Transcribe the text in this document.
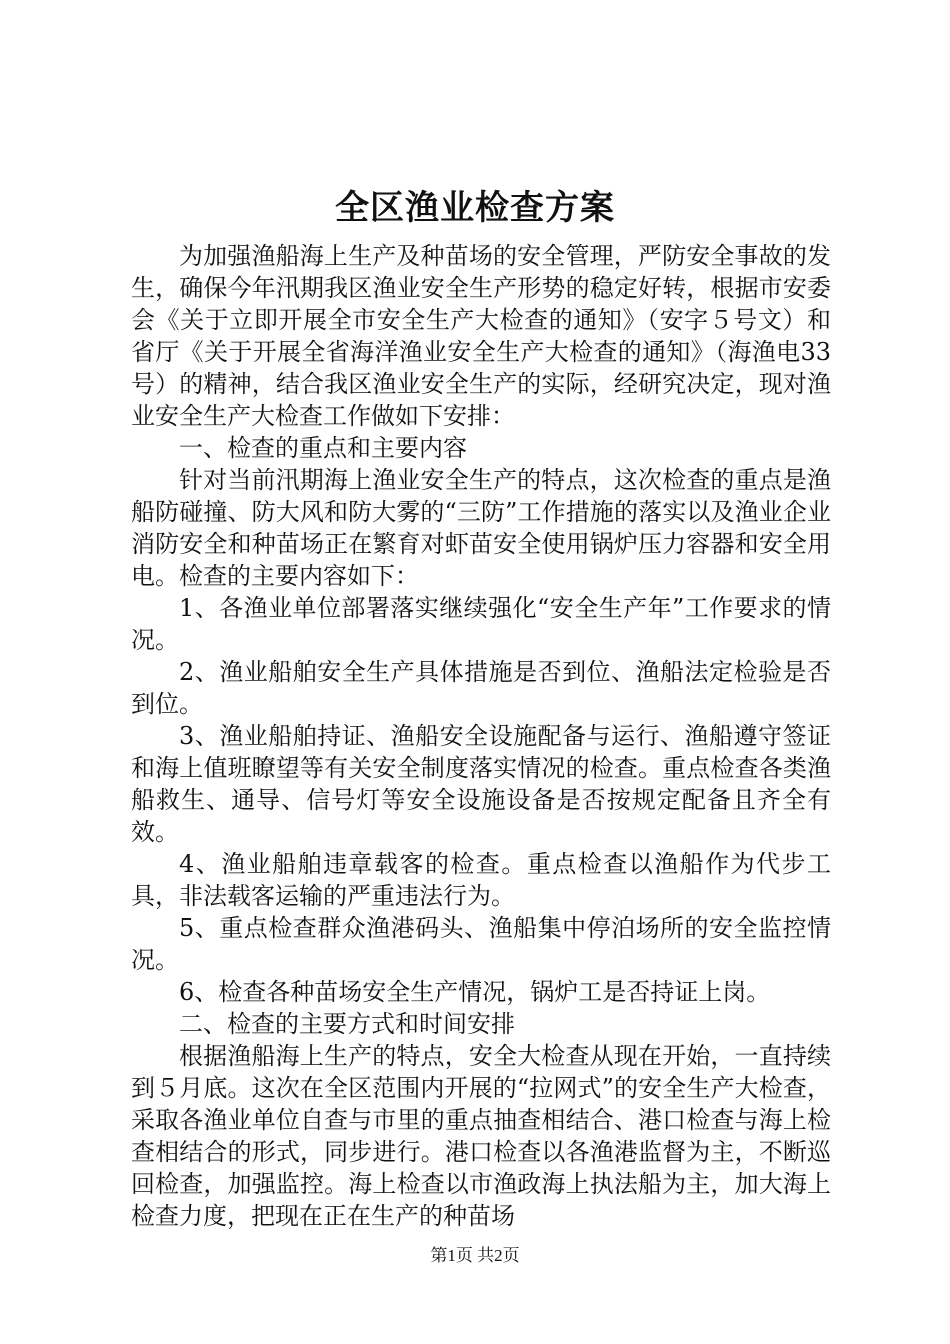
全区渔业检查方案

为加强渔船海上生产及种苗场的安全管理，严防安全事故的发生，确保今年汛期我区渔业安全生产形势的稳定好转，根据市安委会《关于立即开展全市安全生产大检查的通知》（安字５号文）和省厅《关于开展全省海洋渔业安全生产大检查的通知》（海渔电33号）的精神，结合我区渔业安全生产的实际，经研究决定，现对渔业安全生产大检查工作做如下安排：

一、检查的重点和主要内容

针对当前汛期海上渔业安全生产的特点，这次检查的重点是渔船防碰撞、防大风和防大雾的“三防”工作措施的落实以及渔业企业消防安全和种苗场正在繁育对虾苗安全使用锅炉压力容器和安全用电。检查的主要内容如下：

1、各渔业单位部署落实继续强化“安全生产年”工作要求的情况。

2、渔业船舶安全生产具体措施是否到位、渔船法定检验是否到位。

3、渔业船舶持证、渔船安全设施配备与运行、渔船遵守签证和海上值班瞭望等有关安全制度落实情况的检查。重点检查各类渔船救生、通导、信号灯等安全设施设备是否按规定配备且齐全有效。

4、渔业船舶违章载客的检查。重点检查以渔船作为代步工具，非法载客运输的严重违法行为。

5、重点检查群众渔港码头、渔船集中停泊场所的安全监控情况。

6、检查各种苗场安全生产情况，锅炉工是否持证上岗。

二、检查的主要方式和时间安排

根据渔船海上生产的特点，安全大检查从现在开始，一直持续到５月底。这次在全区范围内开展的“拉网式”的安全生产大检查，采取各渔业单位自查与市里的重点抽查相结合、港口检查与海上检查相结合的形式，同步进行。港口检查以各渔港监督为主，不断巡回检查，加强监控。海上检查以市渔政海上执法船为主，加大海上检查力度，把现在正在生产的种苗场

第1页 共2页
